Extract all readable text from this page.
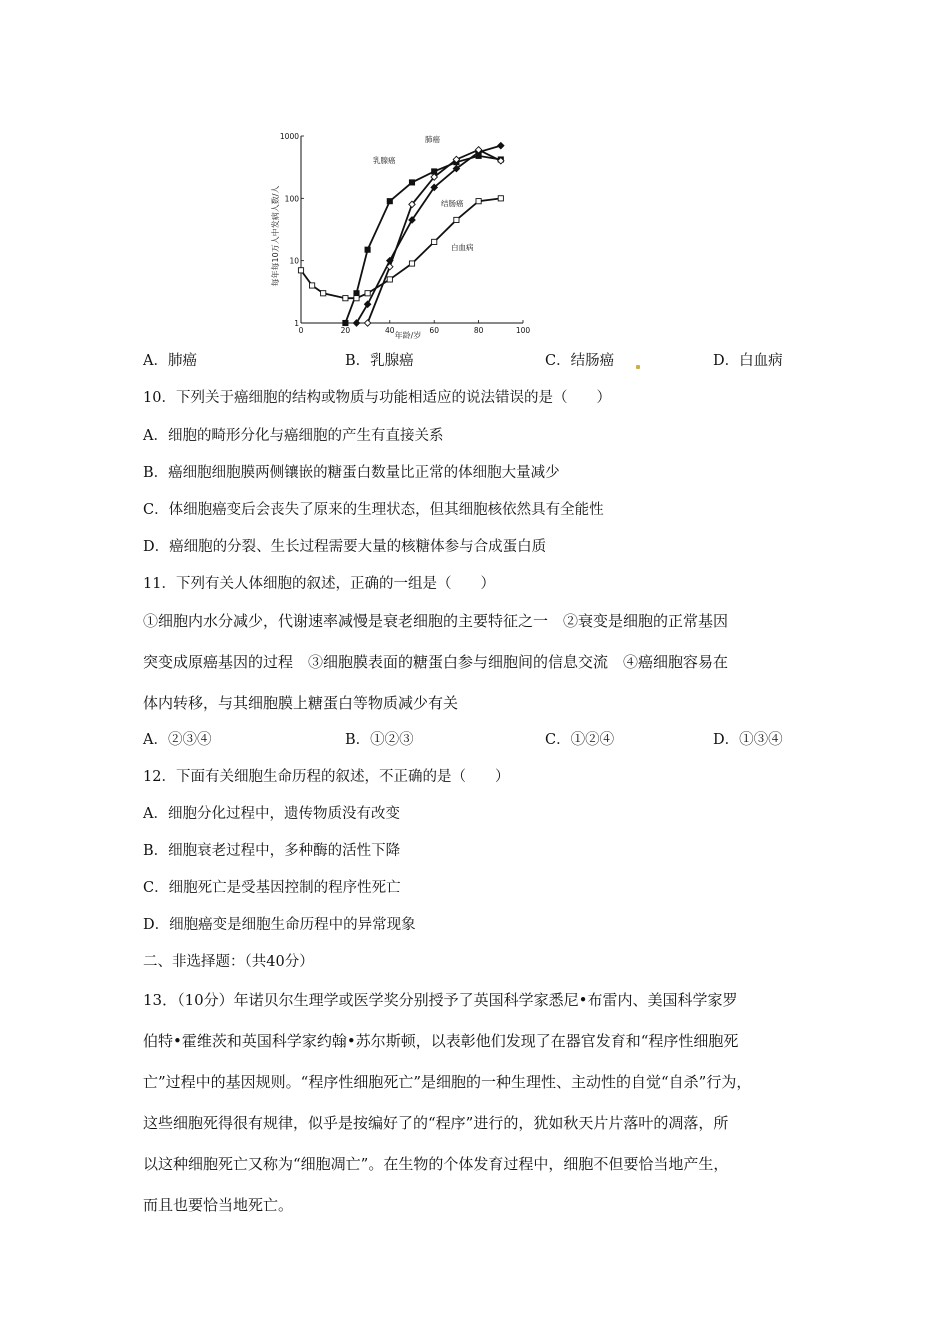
每年每10万人中发病人数/人
年龄/岁
0	20	40	60	80	100
1
10
100
1000	肺癌
乳腺癌
结肠癌
白血病
A．肺癌	B．乳腺癌	C．结肠癌	D．白血病
10．下列关于癌细胞的结构或物质与功能相适应的说法错误的是（　　）
A．细胞的畸形分化与癌细胞的产生有直接关系
B．癌细胞细胞膜两侧镶嵌的糖蛋白数量比正常的体细胞大量减少
C．体细胞癌变后会丧失了原来的生理状态，但其细胞核依然具有全能性
D．癌细胞的分裂、生长过程需要大量的核糖体参与合成蛋白质
11．下列有关人体细胞的叙述，正确的一组是（　　）
①细胞内水分减少，代谢速率减慢是衰老细胞的主要特征之一　②衰变是细胞的正常基因
突变成原癌基因的过程　③细胞膜表面的糖蛋白参与细胞间的信息交流　④癌细胞容易在
体内转移，与其细胞膜上糖蛋白等物质减少有关
A．②③④	B．①②③	C．①②④	D．①③④
12．下面有关细胞生命历程的叙述，不正确的是（　　）
A．细胞分化过程中，遗传物质没有改变
B．细胞衰老过程中，多种酶的活性下降
C．细胞死亡是受基因控制的程序性死亡
D．细胞癌变是细胞生命历程中的异常现象
二、非选择题：（共40分）
13．（10分）年诺贝尔生理学或医学奖分别授予了英国科学家悉尼•布雷内、美国科学家罗
伯特•霍维茨和英国科学家约翰•苏尔斯顿，以表彰他们发现了在器官发育和“程序性细胞死
亡”过程中的基因规则。“程序性细胞死亡”是细胞的一种生理性、主动性的自觉“自杀”行为，
这些细胞死得很有规律，似乎是按编好了的“程序”进行的，犹如秋天片片落叶的凋落，所
以这种细胞死亡又称为“细胞凋亡”。在生物的个体发育过程中，细胞不但要恰当地产生，
而且也要恰当地死亡。
